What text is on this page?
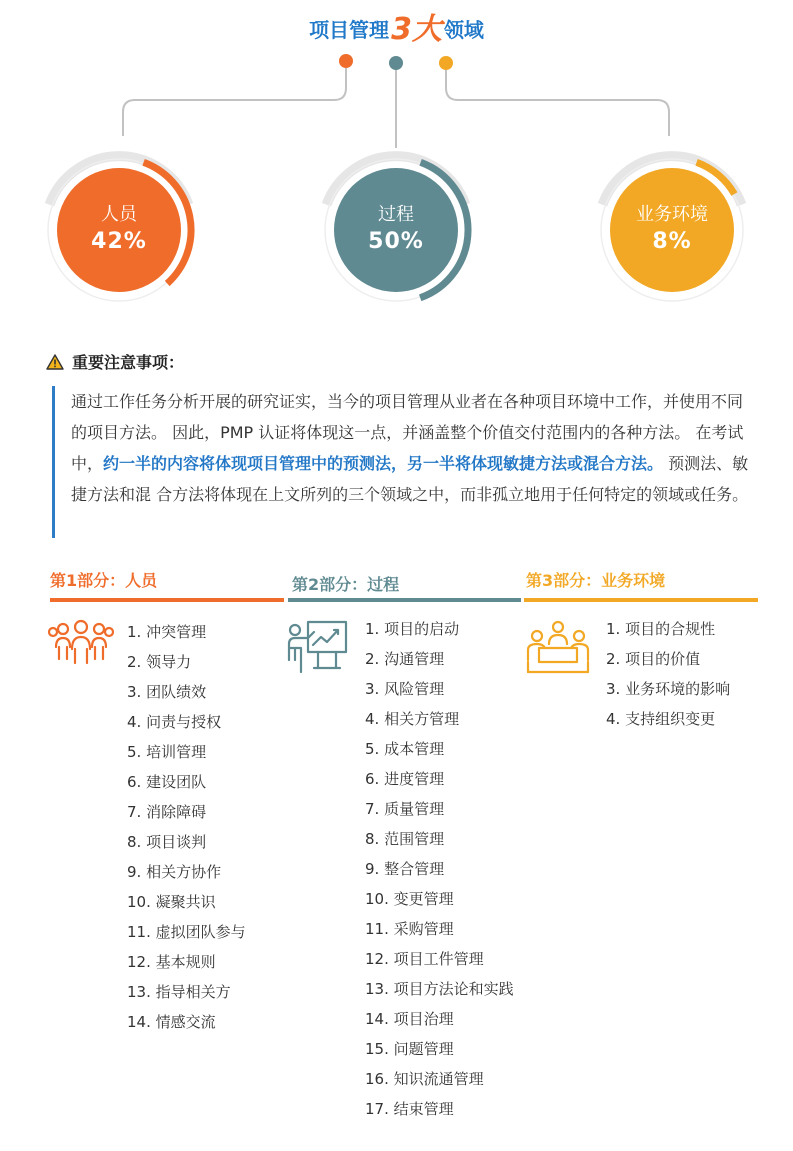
项目管理3大 领域
人员
42%
过程
50%
业务环境
8%
重要注意事项：

通过工作任务分析开展的研究证实，当今的项目管理从业者在各种项目环境中工作，并使用不同的项目方法。 因此，PMP 认证将体现这一点，并涵盖整个价值交付范围内的各种方法。 在考试中，约一半的内容将体现项目管理中的预测法，另一半将体现敏捷方法或混合方法。 预测法、敏捷方法和混 合方法将体现在上文所列的三个领域之中，而非孤立地用于任何特定的领域或任务。

第1部分：人员	第2部分：过程	第3部分：业务环境
1. 冲突管理
2. 领导力
3. 团队绩效
4. 问责与授权
5. 培训管理
6. 建设团队
7. 消除障碍
8. 项目谈判
9. 相关方协作
10. 凝聚共识
11. 虚拟团队参与
12. 基本规则
13. 指导相关方
14. 情感交流
1. 项目的启动
2. 沟通管理
3. 风险管理
4. 相关方管理
5. 成本管理
6. 进度管理
7. 质量管理
8. 范围管理
9. 整合管理
10. 变更管理
11. 采购管理
12. 项目工件管理
13. 项目方法论和实践
14. 项目治理
15. 问题管理
16. 知识流通管理
17. 结束管理
1. 项目的合规性
2. 项目的价值
3. 业务环境的影响
4. 支持组织变更
